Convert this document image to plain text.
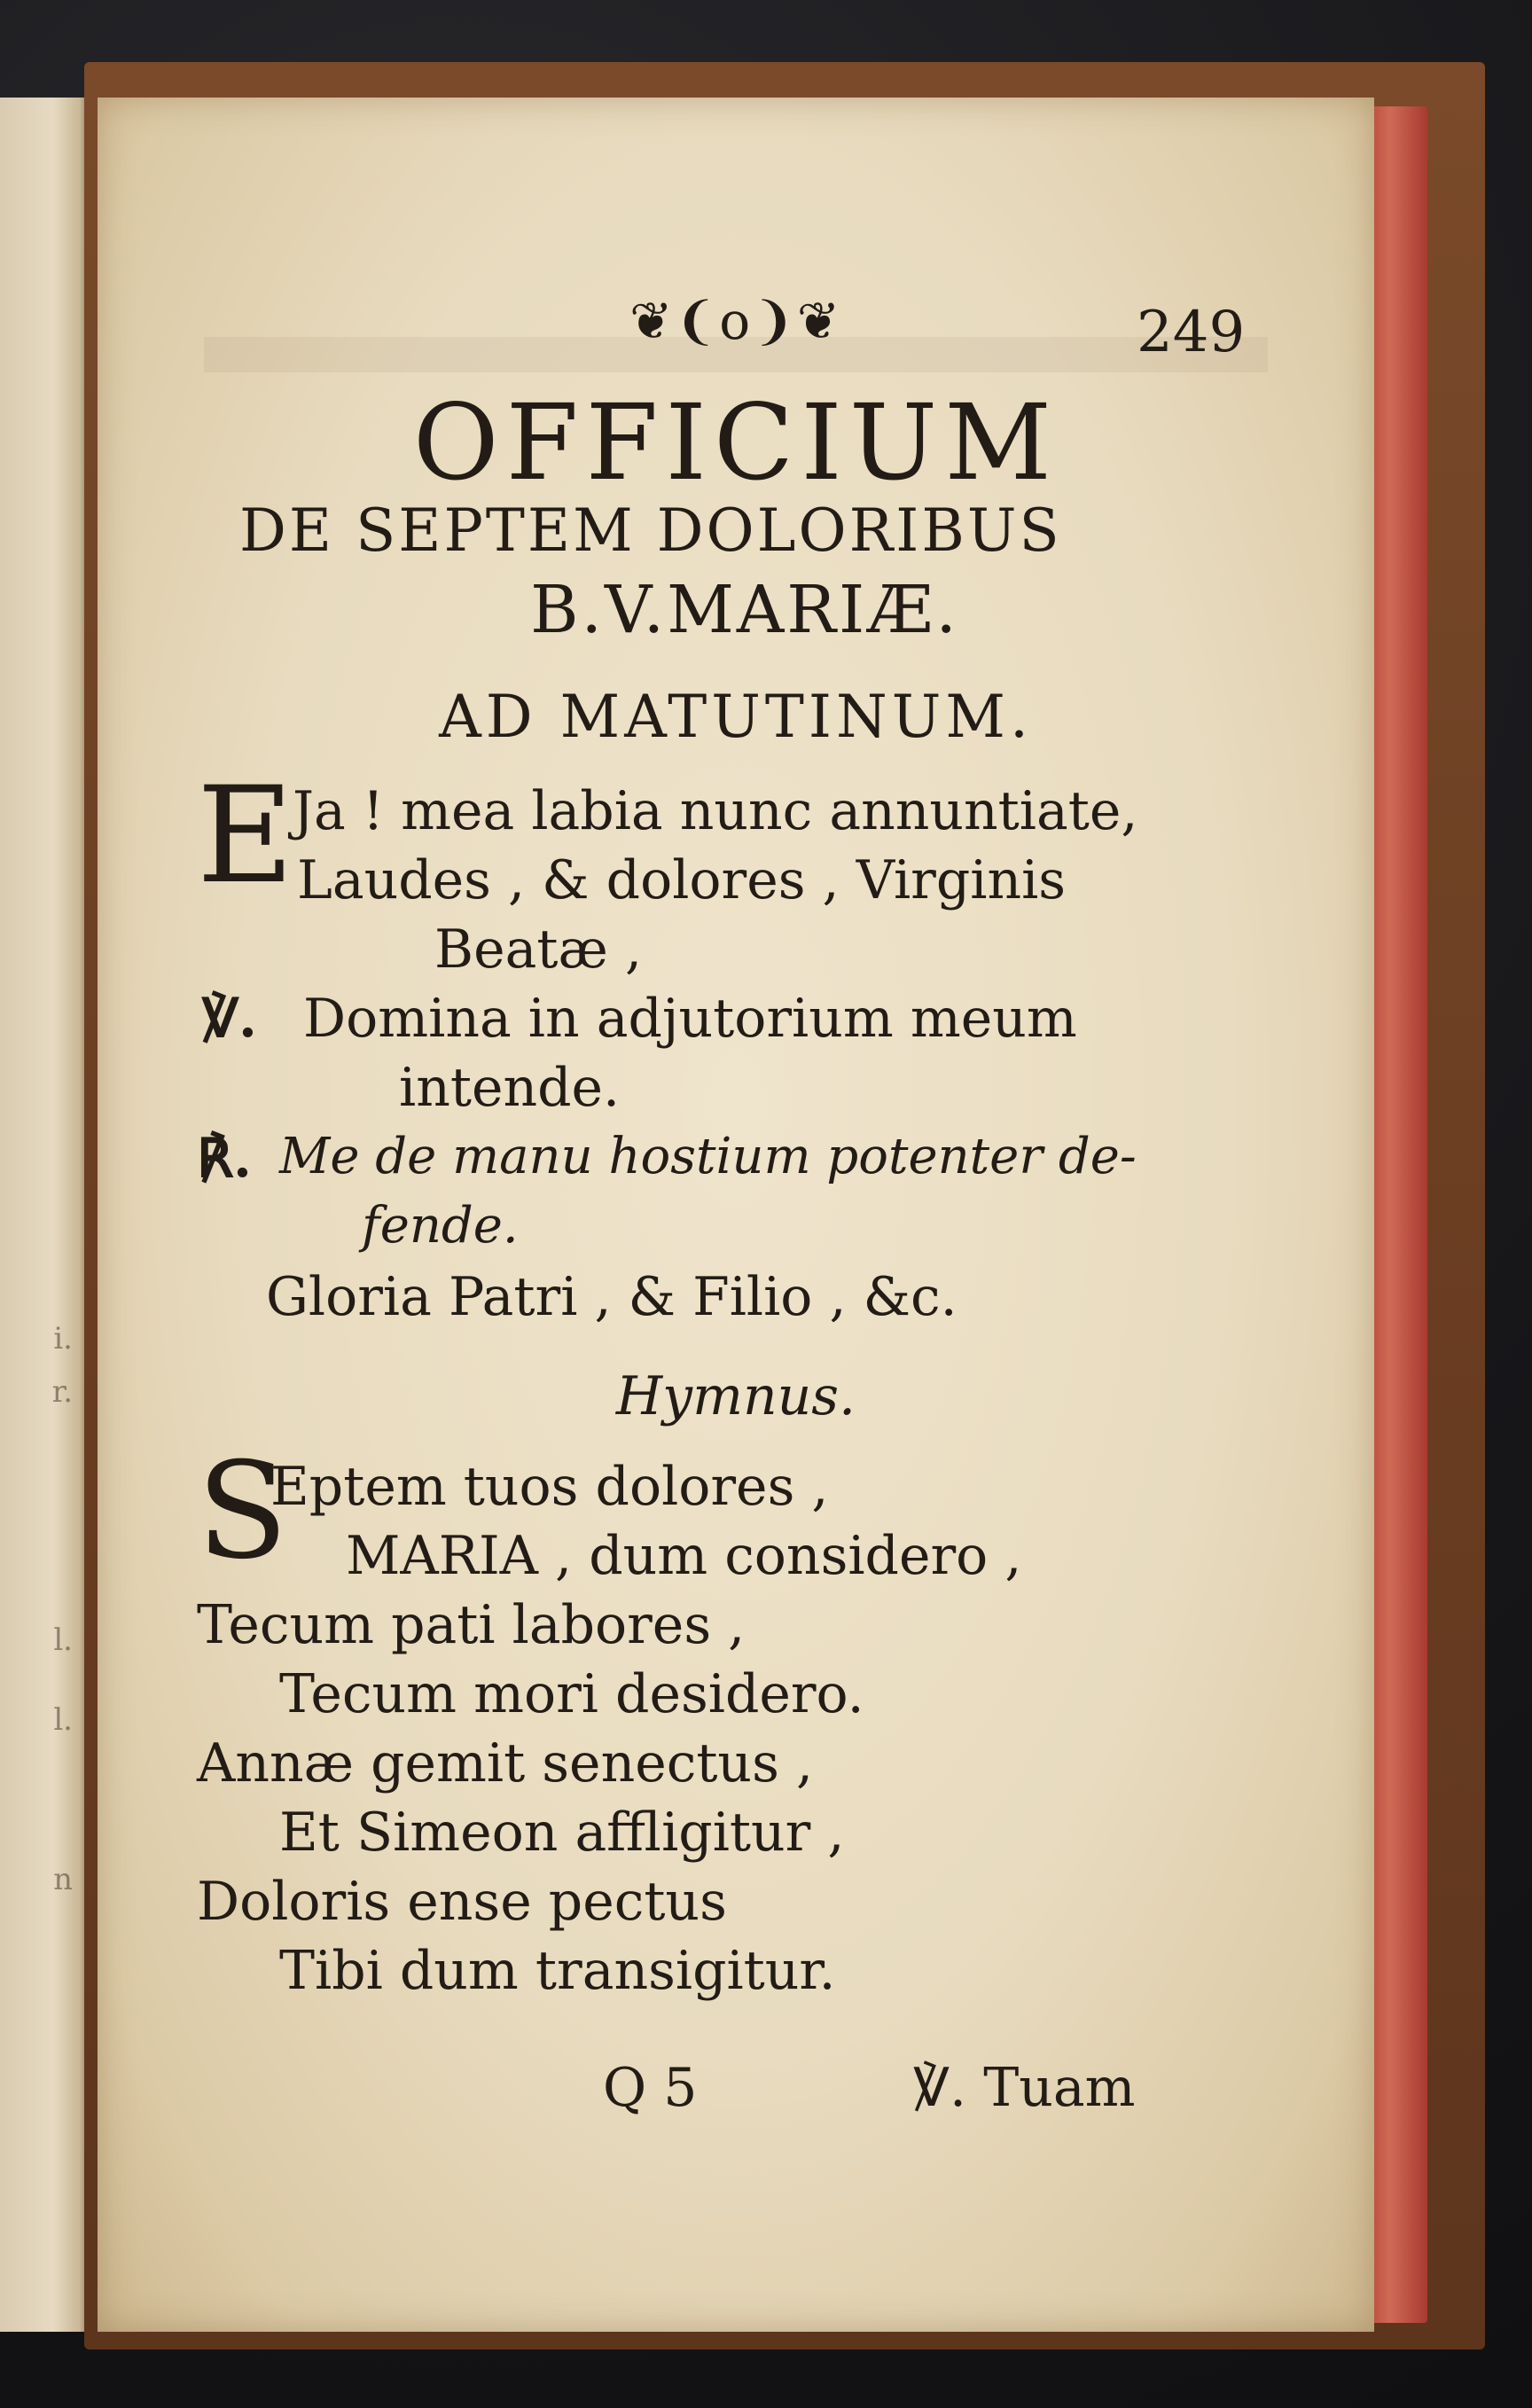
i.
r.
l.
l.
n
❦❨o❩❦	249
OFFICIUM
DE SEPTEM DOLORIBUS
B.V.MARIÆ.
AD MATUTINUM.
E
Ja ! mea labia nunc annuntiate,
Laudes , & dolores , Virginis
Beatæ ,
℣. Domina in adjutorium meum
intende.
℟. Me de manu hostium potenter de-
fende.
Gloria Patri , & Filio , &c.
Hymnus.
S
Eptem tuos dolores ,
MARIA , dum considero ,
Tecum pati labores ,
Tecum mori desidero.
Annæ gemit senectus ,
Et Simeon affligitur ,
Doloris ense pectus
Tibi dum transigitur.
Q 5	℣. Tuam
